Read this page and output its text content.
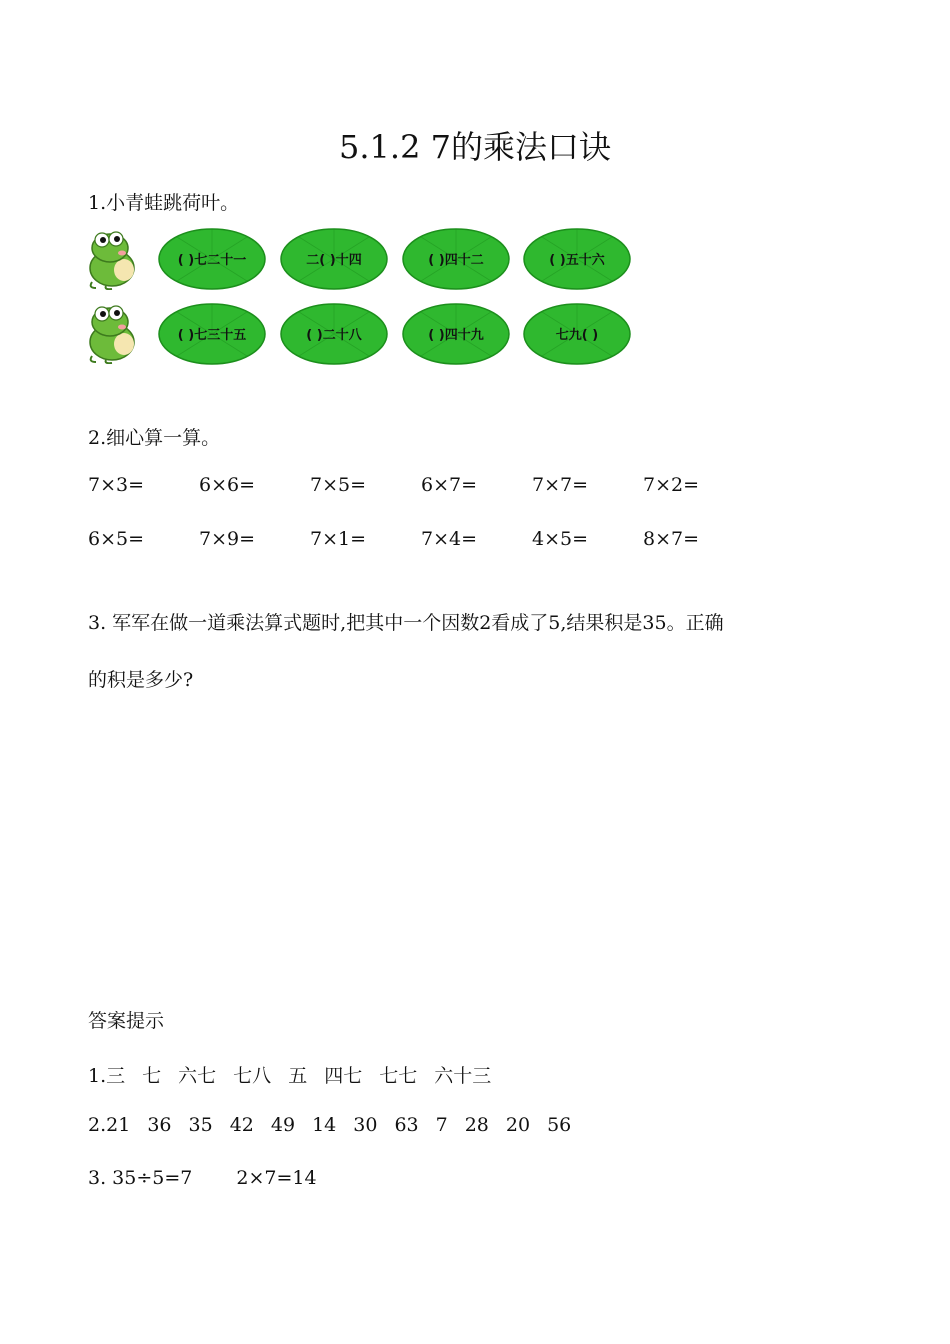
5.1.2 7的乘法口诀
1.小青蛙跳荷叶。
( )七二十一	二( )十四	( )四十二	( )五十六
( )七三十五	( )二十八	( )四十九	七九( )
2.细心算一算。
7×3=	6×6=	7×5=	6×7=	7×7=	7×2=
6×5=	7×9=	7×1=	7×4=	4×5=	8×7=
3. 军军在做一道乘法算式题时,把其中一个因数2看成了5,结果积是35。正确
的积是多少?
答案提示
1.三 七 六七 七八 五 四七 七七 六十三
2.21 36 35 42 49 14 30 63 7 28 20 56
3. 35÷5=7 2×7=14
